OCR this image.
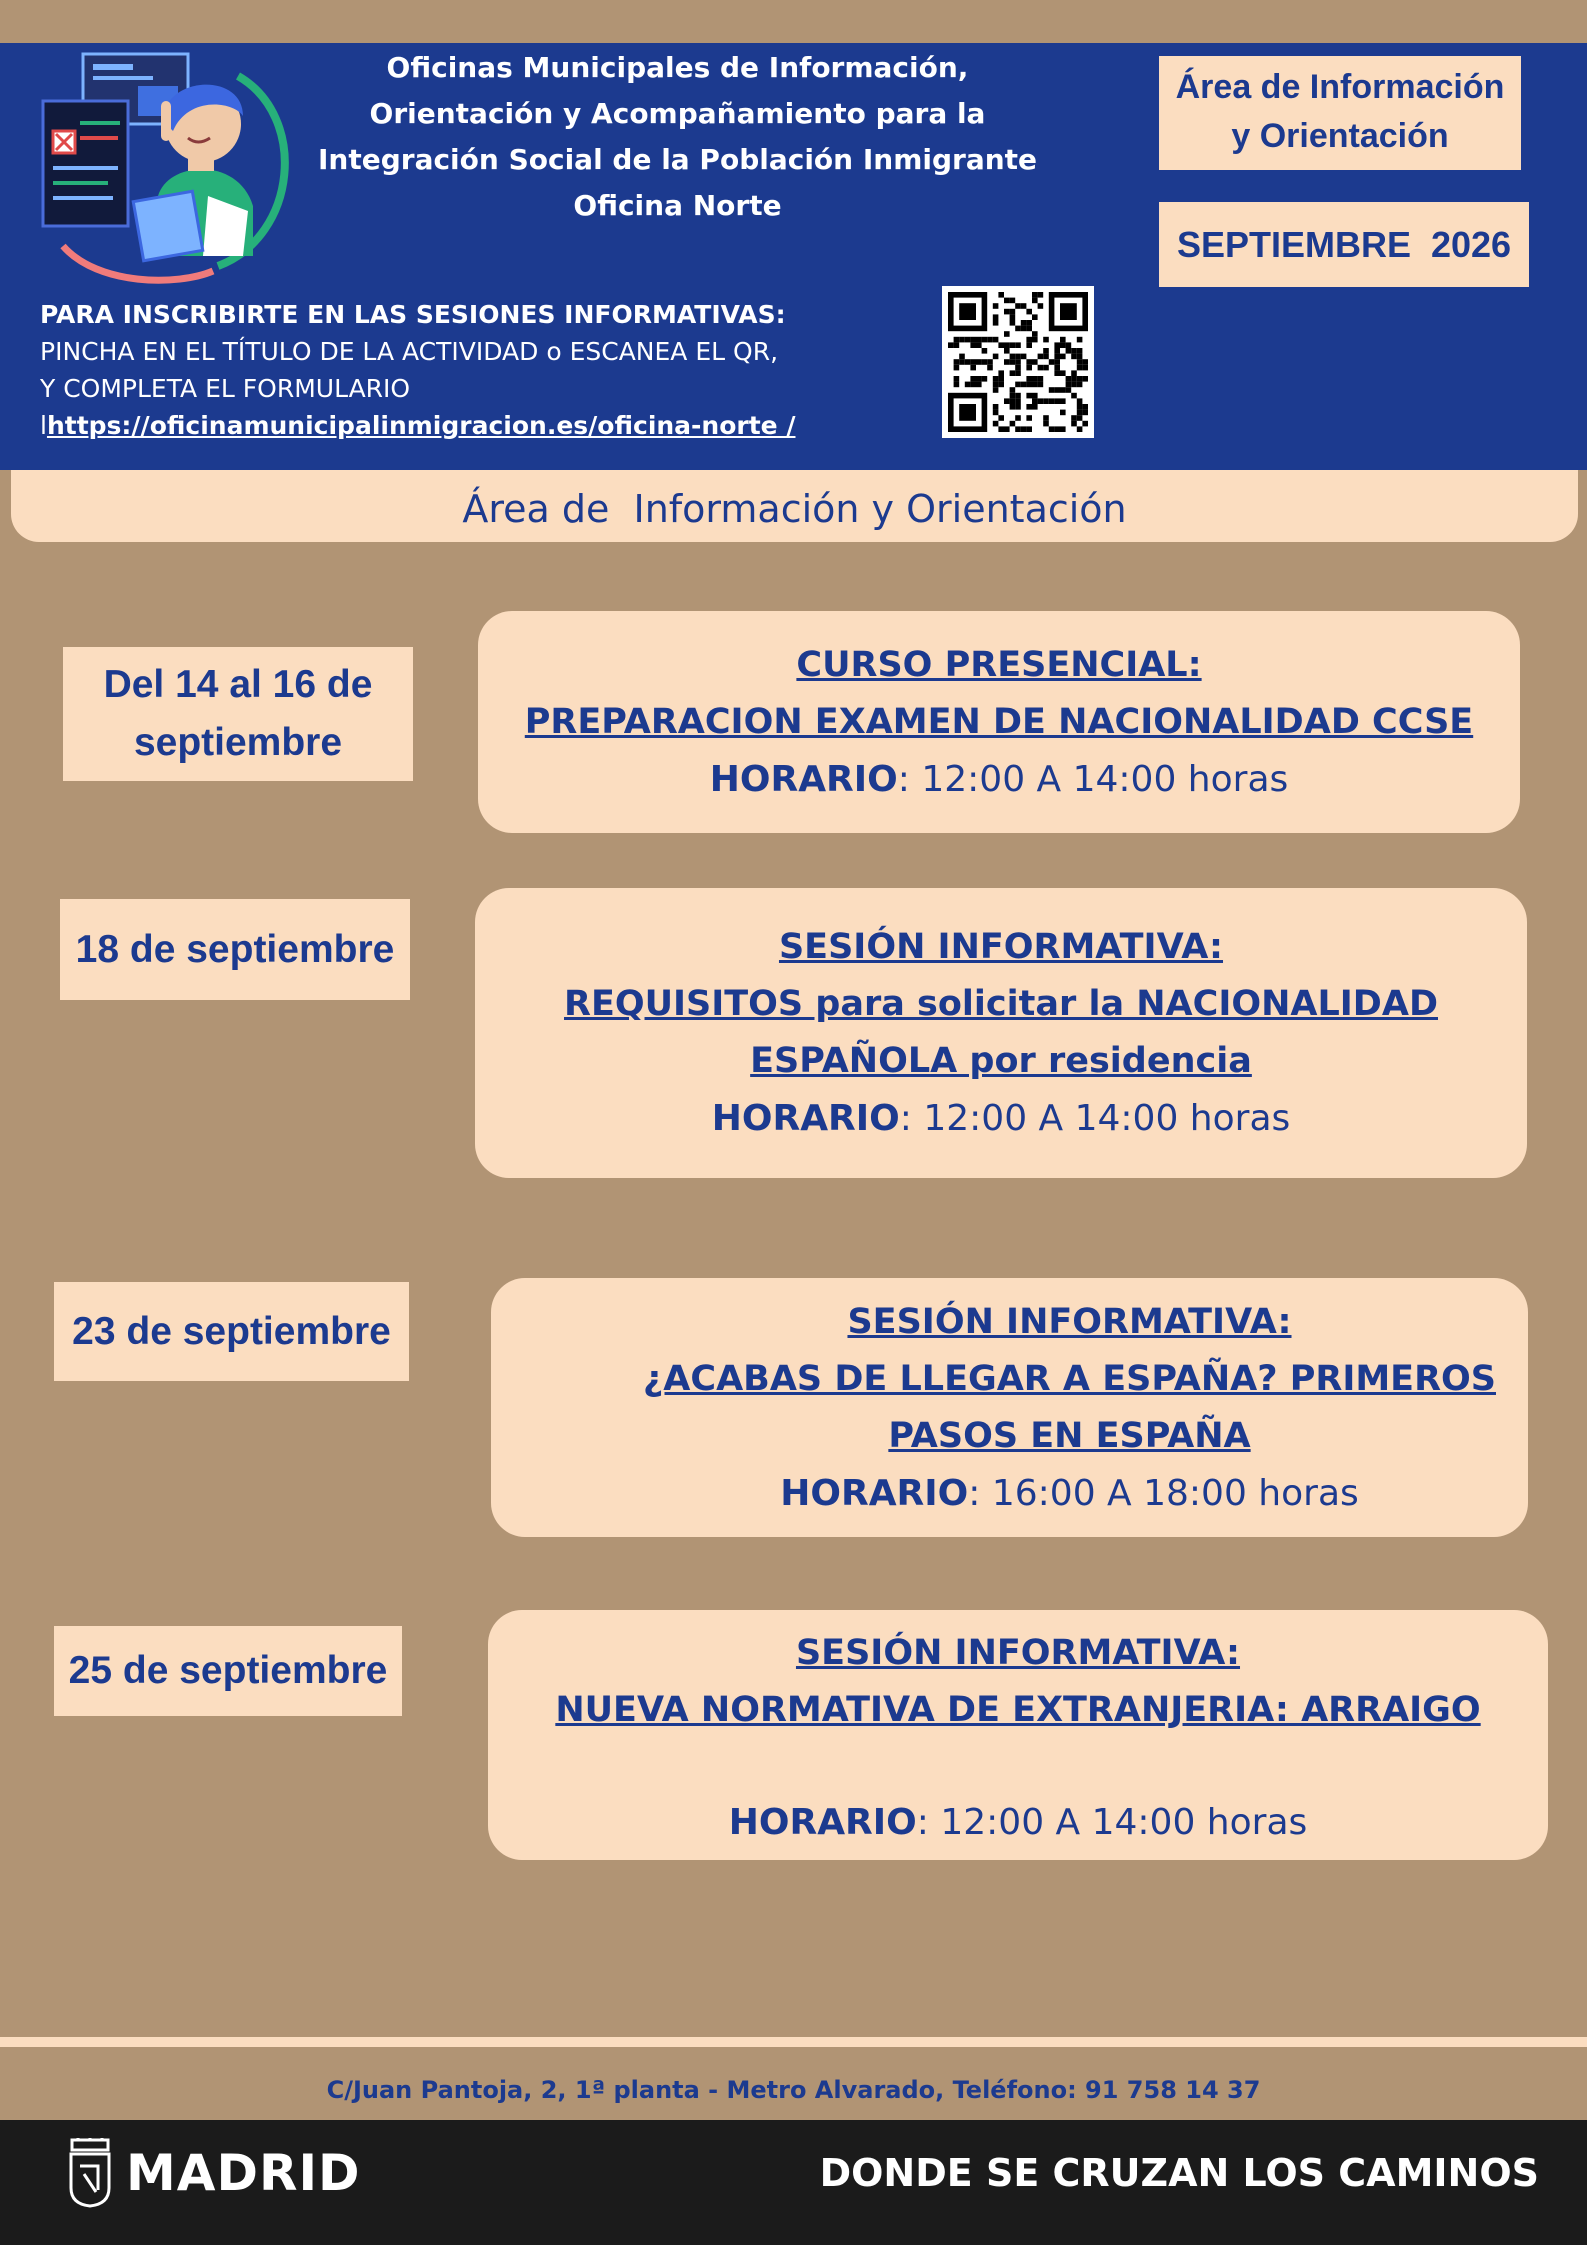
Oficinas Municipales de Información,
Orientación y Acompañamiento para la
Integración Social de la Población Inmigrante
Oficina Norte
Área de Información
y Orientación
SEPTIEMBRE  2026
PARA INSCRIBIRTE EN LAS SESIONES INFORMATIVAS:
PINCHA EN EL TÍTULO DE LA ACTIVIDAD o ESCANEA EL QR,
Y COMPLETA EL FORMULARIO
lhttps://oficinamunicipalinmigracion.es/oficina-norte /
Área de  Información y Orientación
Del 14 al 16 de septiembre
CURSO PRESENCIAL:
PREPARACION EXAMEN DE NACIONALIDAD CCSE
HORARIO: 12:00 A 14:00 horas
18 de septiembre	SESIÓN INFORMATIVA:
REQUISITOS para solicitar la NACIONALIDAD
ESPAÑOLA por residencia
HORARIO: 12:00 A 14:00 horas
23 de septiembre	SESIÓN INFORMATIVA:
¿ACABAS DE LLEGAR A ESPAÑA? PRIMEROS
PASOS EN ESPAÑA
HORARIO: 16:00 A 18:00 horas
25 de septiembre	SESIÓN INFORMATIVA:
NUEVA NORMATIVA DE EXTRANJERIA: ARRAIGO
HORARIO: 12:00 A 14:00 horas
C/Juan Pantoja, 2, 1ª planta - Metro Alvarado, Teléfono: 91 758 14 37
MADRID	DONDE SE CRUZAN LOS CAMINOS
